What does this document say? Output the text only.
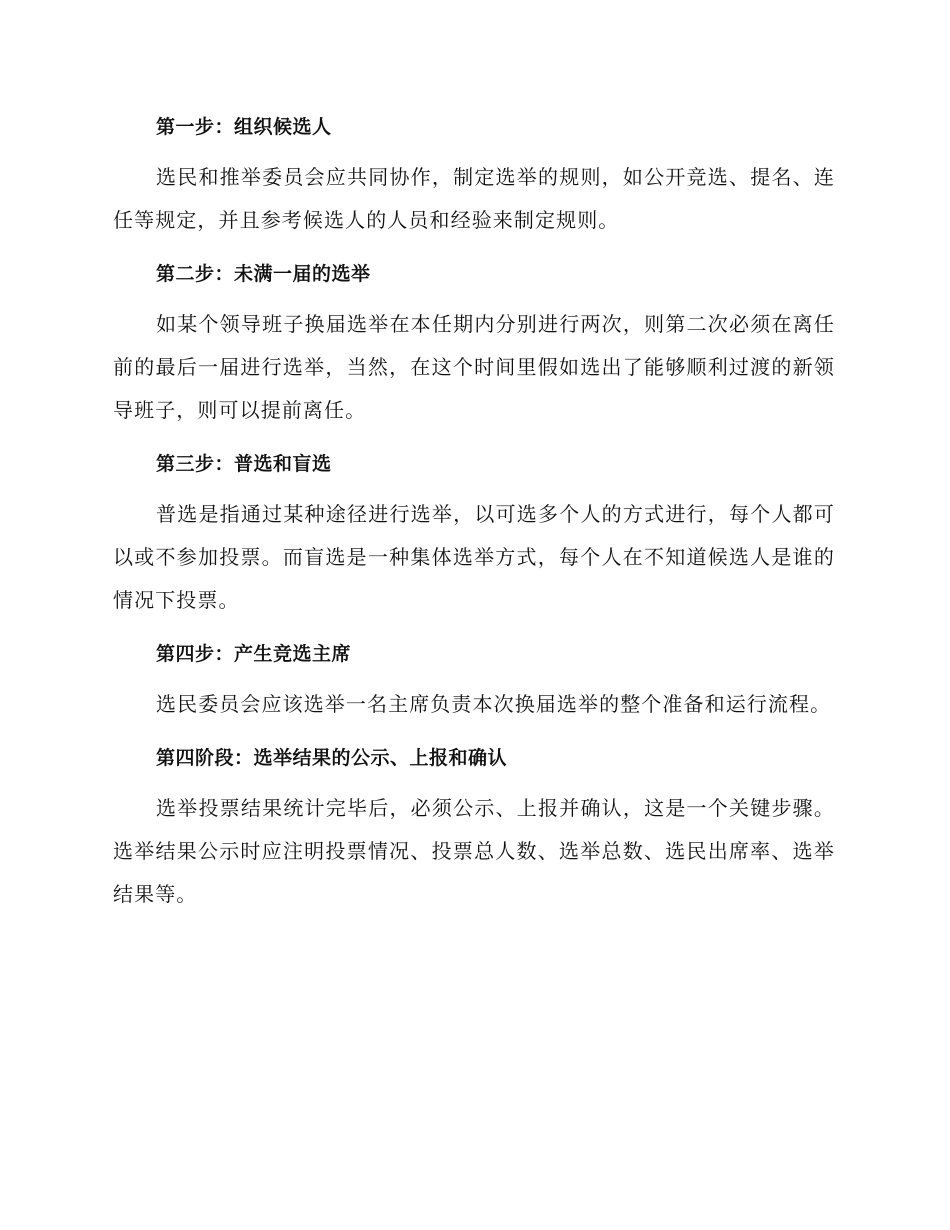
第一步：组织候选人

选民和推举委员会应共同协作，制定选举的规则，如公开竞选、提名、连任等规定，并且参考候选人的人员和经验来制定规则。

第二步：未满一届的选举

如某个领导班子换届选举在本任期内分别进行两次，则第二次必须在离任前的最后一届进行选举，当然，在这个时间里假如选出了能够顺利过渡的新领导班子，则可以提前离任。

第三步：普选和盲选

普选是指通过某种途径进行选举，以可选多个人的方式进行，每个人都可以或不参加投票。而盲选是一种集体选举方式，每个人在不知道候选人是谁的情况下投票。

第四步：产生竞选主席

选民委员会应该选举一名主席负责本次换届选举的整个准备和运行流程。

第四阶段：选举结果的公示、上报和确认

选举投票结果统计完毕后，必须公示、上报并确认，这是一个关键步骤。选举结果公示时应注明投票情况、投票总人数、选举总数、选民出席率、选举结果等。
